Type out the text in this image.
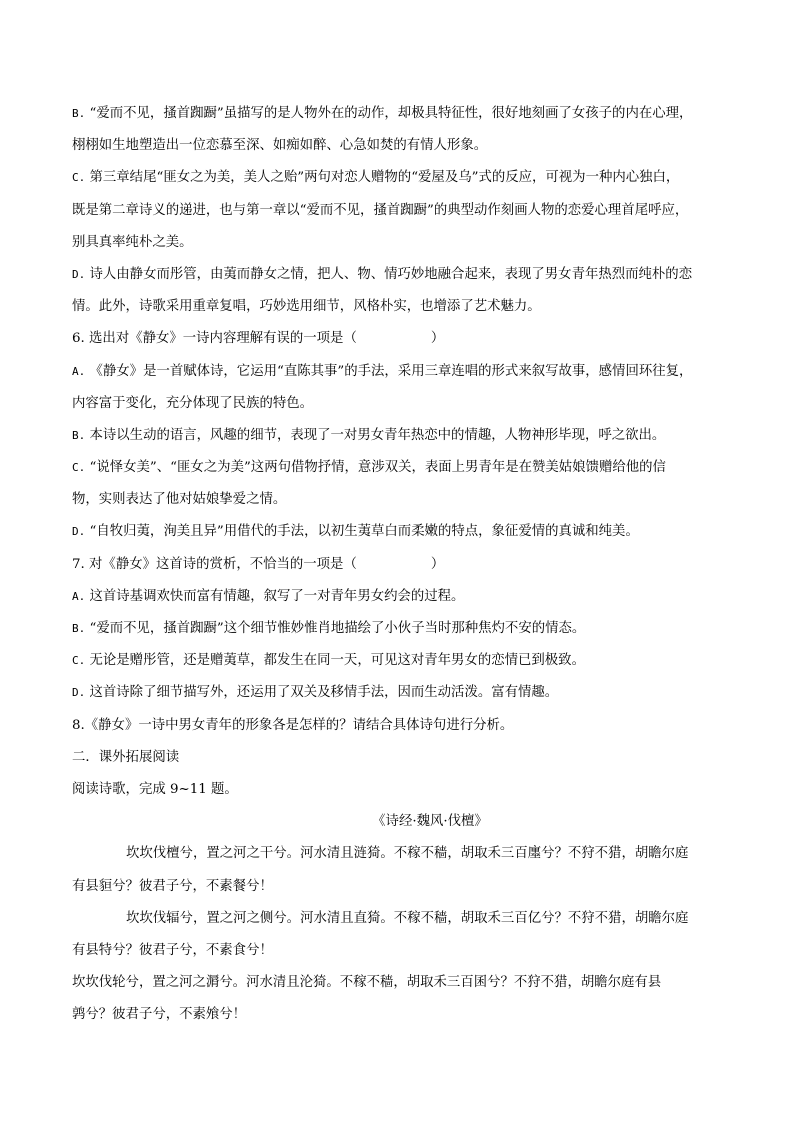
B. “爱而不见，搔首踟蹰”虽描写的是人物外在的动作，却极具特征性，很好地刻画了女孩子的内在心理，
栩栩如生地塑造出一位恋慕至深、如痴如醉、心急如焚的有情人形象。
C. 第三章结尾“匪女之为美，美人之贻”两句对恋人赠物的“爱屋及乌”式的反应，可视为一种内心独白，
既是第二章诗义的递进，也与第一章以“爱而不见，搔首踟蹰”的典型动作刻画人物的恋爱心理首尾呼应，
别具真率纯朴之美。
D. 诗人由静女而彤管，由荑而静女之情，把人、物、情巧妙地融合起来，表现了男女青年热烈而纯朴的恋
情。此外，诗歌采用重章复唱，巧妙选用细节，风格朴实，也增添了艺术魅力。
6. 选出对《静女》一诗内容理解有误的一项是（	）
A. 《静女》是一首赋体诗，它运用“直陈其事”的手法，采用三章连唱的形式来叙写故事，感情回环往复，
内容富于变化，充分体现了民族的特色。
B. 本诗以生动的语言，风趣的细节，表现了一对男女青年热恋中的情趣，人物神形毕现，呼之欲出。
C. “说怿女美”、“匪女之为美”这两句借物抒情，意涉双关，表面上男青年是在赞美姑娘馈赠给他的信
物，实则表达了他对姑娘挚爱之情。
D. “自牧归荑，洵美且异”用借代的手法，以初生荑草白而柔嫩的特点，象征爱情的真诚和纯美。
7. 对《静女》这首诗的赏析，不恰当的一项是（	）
A. 这首诗基调欢快而富有情趣，叙写了一对青年男女约会的过程。
B. “爱而不见，搔首踟蹰”这个细节惟妙惟肖地描绘了小伙子当时那种焦灼不安的情态。
C. 无论是赠彤管，还是赠荑草，都发生在同一天，可见这对青年男女的恋情已到极致。
D. 这首诗除了细节描写外，还运用了双关及移情手法，因而生动活泼。富有情趣。
8.《静女》一诗中男女青年的形象各是怎样的？请结合具体诗句进行分析。
二．课外拓展阅读
阅读诗歌，完成 9~11 题。
《诗经·魏风·伐檀》
坎坎伐檀兮，置之河之干兮。河水清且涟猗。不稼不穑，胡取禾三百廛兮？不狩不猎，胡瞻尔庭
有县貆兮？彼君子兮，不素餐兮！
坎坎伐辐兮，置之河之侧兮。河水清且直猗。不稼不穑，胡取禾三百亿兮？不狩不猎，胡瞻尔庭
有县特兮？彼君子兮，不素食兮！
坎坎伐轮兮，置之河之漘兮。河水清且沦猗。不稼不穑，胡取禾三百囷兮？不狩不猎，胡瞻尔庭有县
鹑兮？彼君子兮，不素飧兮！
